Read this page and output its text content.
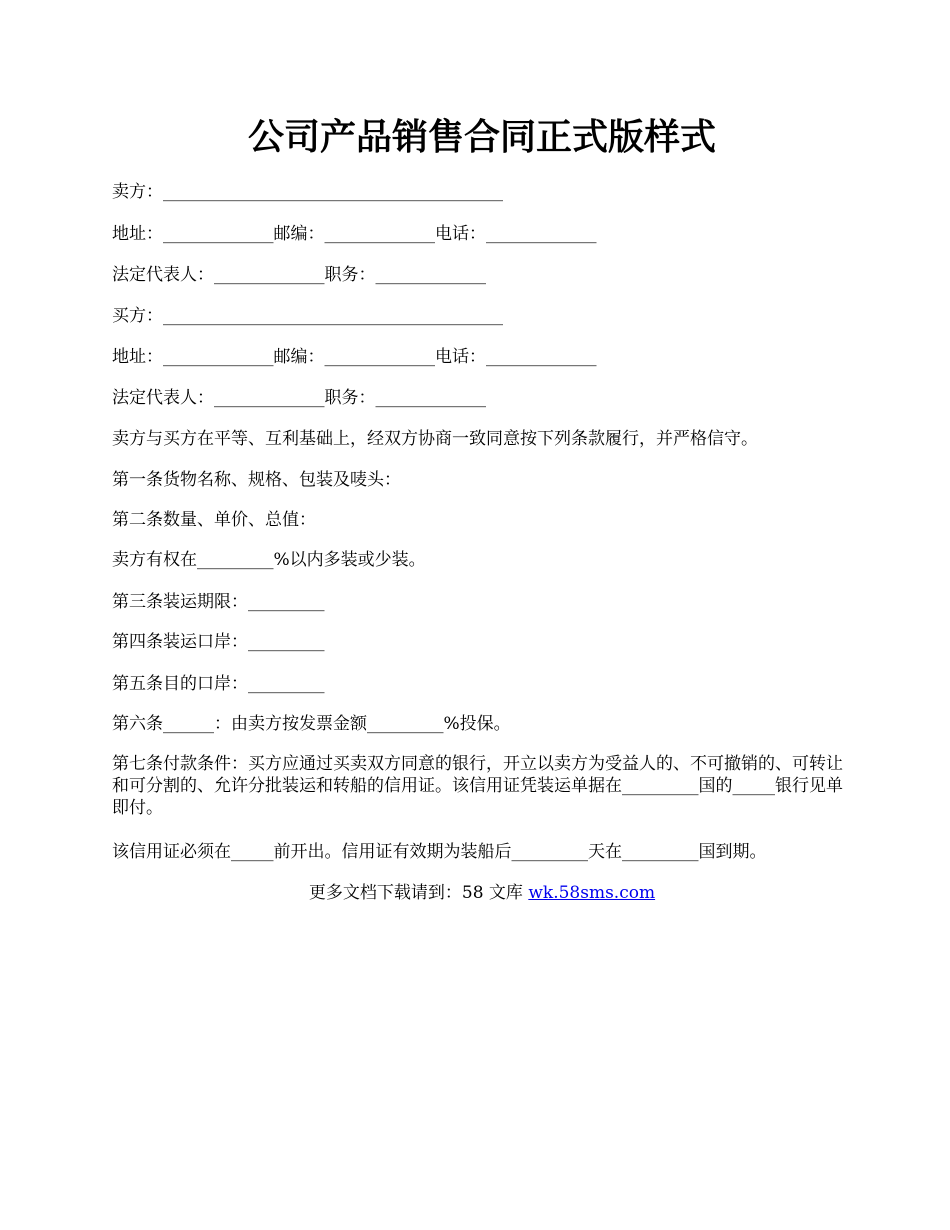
公司产品销售合同正式版样式

卖方：________________________________________

地址：_____________邮编：_____________电话：_____________

法定代表人：_____________职务：_____________

买方：________________________________________

地址：_____________邮编：_____________电话：_____________

法定代表人：_____________职务：_____________

卖方与买方在平等、互利基础上，经双方协商一致同意按下列条款履行，并严格信守。

第一条货物名称、规格、包装及唛头：

第二条数量、单价、总值：

卖方有权在_________%以内多装或少装。

第三条装运期限：_________

第四条装运口岸：_________

第五条目的口岸：_________

第六条______：由卖方按发票金额_________%投保。

第七条付款条件：买方应通过买卖双方同意的银行，开立以卖方为受益人的、不可撤销的、可转让和可分割的、允许分批装运和转船的信用证。该信用证凭装运单据在_________国的_____银行见单即付。

该信用证必须在_____前开出。信用证有效期为装船后_________天在_________国到期。

更多文档下载请到：58 文库 wk.58sms.com
